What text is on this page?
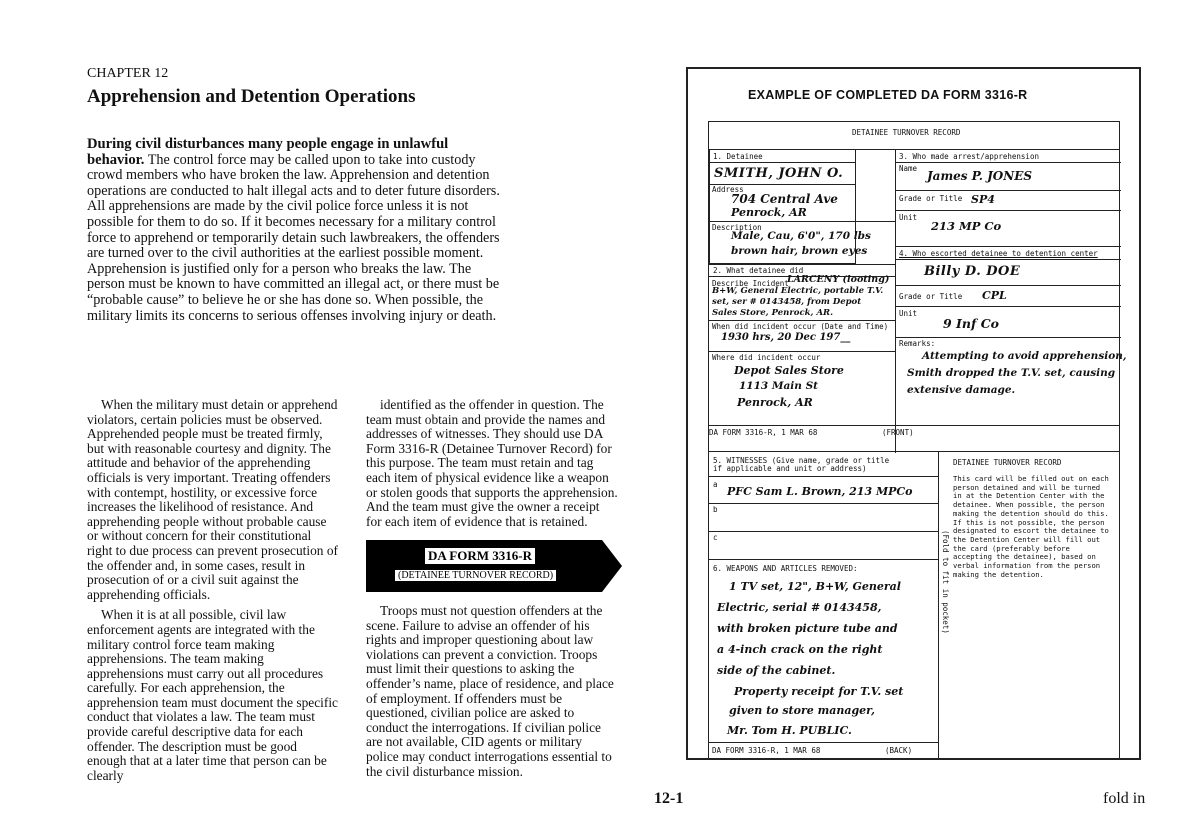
CHAPTER 12
Apprehension and Detention Operations

During civil disturbances many people engage in unlawful behavior. The control force may be called upon to take into custody crowd members who have broken the law. Apprehension and detention operations are conducted to halt illegal acts and to deter future disorders. All apprehensions are made by the civil police force unless it is not possible for them to do so. If it becomes necessary for a military control force to apprehend or temporarily detain such lawbreakers, the offenders are turned over to the civil authorities at the earliest possible moment. Apprehension is justified only for a person who breaks the law. The person must be known to have committed an illegal act, or there must be “probable cause” to believe he or she has done so. When possible, the military limits its concerns to serious offenses involving injury or death.

When the military must detain or apprehend violators, certain policies must be observed. Apprehended people must be treated firmly, but with reasonable courtesy and dignity. The attitude and behavior of the apprehending officials is very important. Treating offenders with contempt, hostility, or excessive force increases the likelihood of resistance. And apprehending people without probable cause or without concern for their constitutional right to due process can prevent prosecution of the offender and, in some cases, result in prosecution of or a civil suit against the apprehending officials.

When it is at all possible, civil law enforcement agents are integrated with the military control force team making apprehensions. The team making apprehensions must carry out all procedures carefully. For each apprehension, the apprehension team must document the specific conduct that violates a law. The team must provide careful descriptive data for each offender. The description must be good enough that at a later time that person can be clearly

identified as the offender in question. The team must obtain and provide the names and addresses of witnesses. They should use DA Form 3316-R (Detainee Turnover Record) for this purpose. The team must retain and tag each item of physical evidence like a weapon or stolen goods that supports the apprehension. And the team must give the owner a receipt for each item of evidence that is retained.

Troops must not question offenders at the scene. Failure to advise an offender of his rights and improper questioning about law violations can prevent a conviction. Troops must limit their questions to asking the offender’s name, place of residence, and place of employment. If offenders must be questioned, civilian police are asked to conduct the interrogations. If civilian police are not available, CID agents or military police may conduct interrogations essential to the civil disturbance mission.

DA FORM 3316-R
(DETAINEE TURNOVER RECORD)
12-1
EXAMPLE OF COMPLETED DA FORM 3316-R
fold in
DETAINEE TURNOVER RECORD
1. Detainee
SMITH, JOHN O.
Address
704 Central Ave
Penrock, AR
Description
Male, Cau, 6'0", 170 lbs
brown hair, brown eyes
2. What detainee did
Describe Incident
LARCENY (looting)
B+W, General Electric, portable T.V.
set, ser # 0143458, from Depot
Sales Store, Penrock, AR.
When did incident occur (Date and Time)
1930 hrs, 20 Dec 197__
Where did incident occur
Depot Sales Store
1113 Main St
Penrock, AR
3. Who made arrest/apprehension
Name
James P. JONES
Grade or Title SP4
Unit
213 MP Co
4. Who escorted detainee to detention center
Billy D. DOE
Grade or Title CPL
Unit
9 Inf Co
Remarks:
Attempting to avoid apprehension,
Smith dropped the T.V. set, causing
extensive damage.
DA FORM 3316-R, 1 MAR 68	(FRONT)
5. WITNESSES (Give name, grade or title
if applicable and unit or address)
a
PFC Sam L. Brown, 213 MPCo
b
c
6. WEAPONS AND ARTICLES REMOVED:
1 TV set, 12", B+W, General
Electric, serial # 0143458,
with broken picture tube and
a 4-inch crack on the right
side of the cabinet.
Property receipt for T.V. set
given to store manager,
Mr. Tom H. PUBLIC.
DA FORM 3316-R, 1 MAR 68	(BACK)
(Fold to fit in pocket)
DETAINEE TURNOVER RECORD
This card will be filled out on each person detained and will be turned in at the Detention Center with the detainee. When possible, the person making the detention should do this. If this is not possible, the person designated to escort the detainee to the Detention Center will fill out the card (preferably before accepting the detainee), based on verbal information from the person making the detention.
